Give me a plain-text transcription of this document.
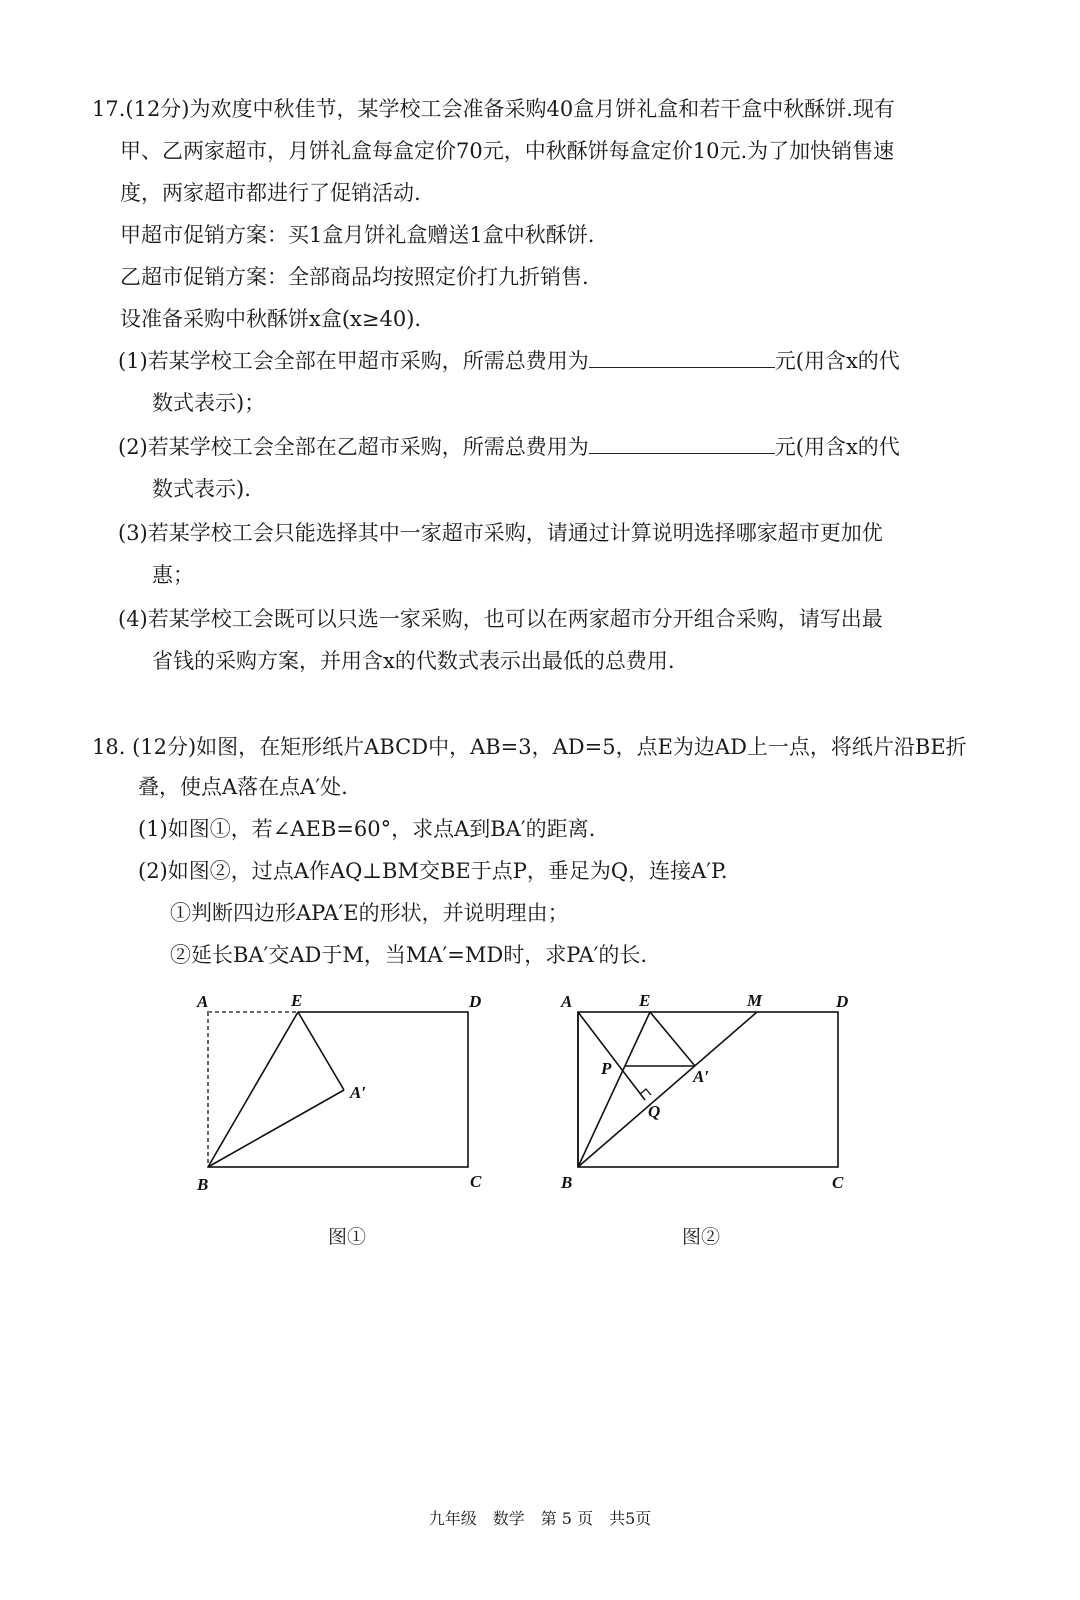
17.(12分)为欢度中秋佳节，某学校工会准备采购40盒月饼礼盒和若干盒中秋酥饼.现有
甲、乙两家超市，月饼礼盒每盒定价70元，中秋酥饼每盒定价10元.为了加快销售速
度，两家超市都进行了促销活动.
甲超市促销方案：买1盒月饼礼盒赠送1盒中秋酥饼.
乙超市促销方案：全部商品均按照定价打九折销售.
设准备采购中秋酥饼x盒(x≥40).
(1)若某学校工会全部在甲超市采购，所需总费用为	元(用含x的代
数式表示)；
(2)若某学校工会全部在乙超市采购，所需总费用为	元(用含x的代
数式表示).
(3)若某学校工会只能选择其中一家超市采购，请通过计算说明选择哪家超市更加优
惠；
(4)若某学校工会既可以只选一家采购，也可以在两家超市分开组合采购，请写出最
省钱的采购方案，并用含x的代数式表示出最低的总费用.
18. (12分)如图，在矩形纸片ABCD中，AB=3，AD=5，点E为边AD上一点，将纸片沿BE折
叠，使点A落在点A′处.
(1)如图①，若∠AEB=60°，求点A到BA′的距离.
(2)如图②，过点A作AQ⊥BM交BE于点P，垂足为Q，连接A′P.
①判断四边形APA′E的形状，并说明理由；
②延长BA′交AD于M，当MA′=MD时，求PA′的长.
A	E	D
A′
B	C
图①
A	E	M	D
P	A′
Q
B	C
图②
九年级　数学　第 5 页　共5页
